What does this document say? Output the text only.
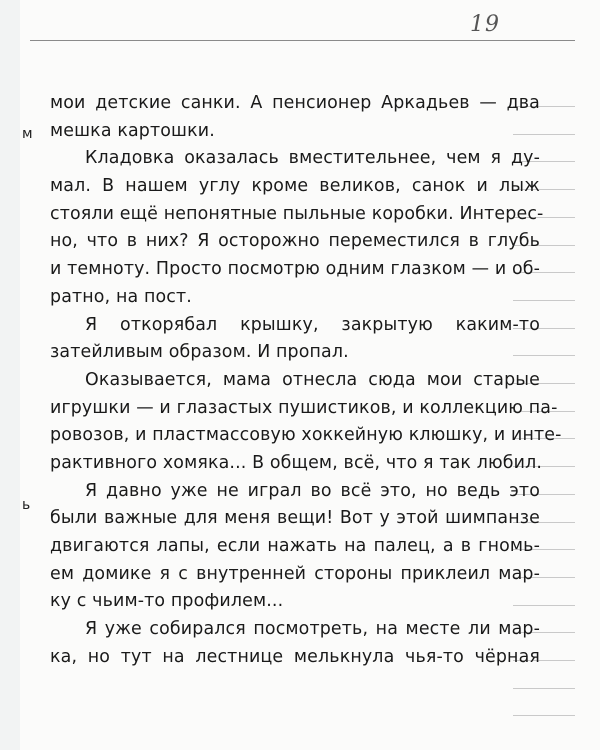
м
ь
19
мои детские санки. А пенсионер Аркадьев — два
мешка картошки.
Кладовка оказалась вместительнее, чем я ду-
мал. В нашем углу кроме великов, санок и лыж
стояли ещё непонятные пыльные коробки. Интерес-
но, что в них? Я осторожно переместился в глубь
и темноту. Просто посмотрю одним глазком — и об-
ратно, на пост.
Я откорябал крышку, закрытую каким-то
затейливым образом. И пропал.
Оказывается, мама отнесла сюда мои старые
игрушки — и глазастых пушистиков, и коллекцию па-
ровозов, и пластмассовую хоккейную клюшку, и инте-
рактивного хомяка... В общем, всё, что я так любил.
Я давно уже не играл во всё это, но ведь это
были важные для меня вещи! Вот у этой шимпанзе
двигаются лапы, если нажать на палец, а в гномь-
ем домике я с внутренней стороны приклеил мар-
ку с чьим-то профилем...
Я уже собирался посмотреть, на месте ли мар-
ка, но тут на лестнице мелькнула чья-то чёрная
